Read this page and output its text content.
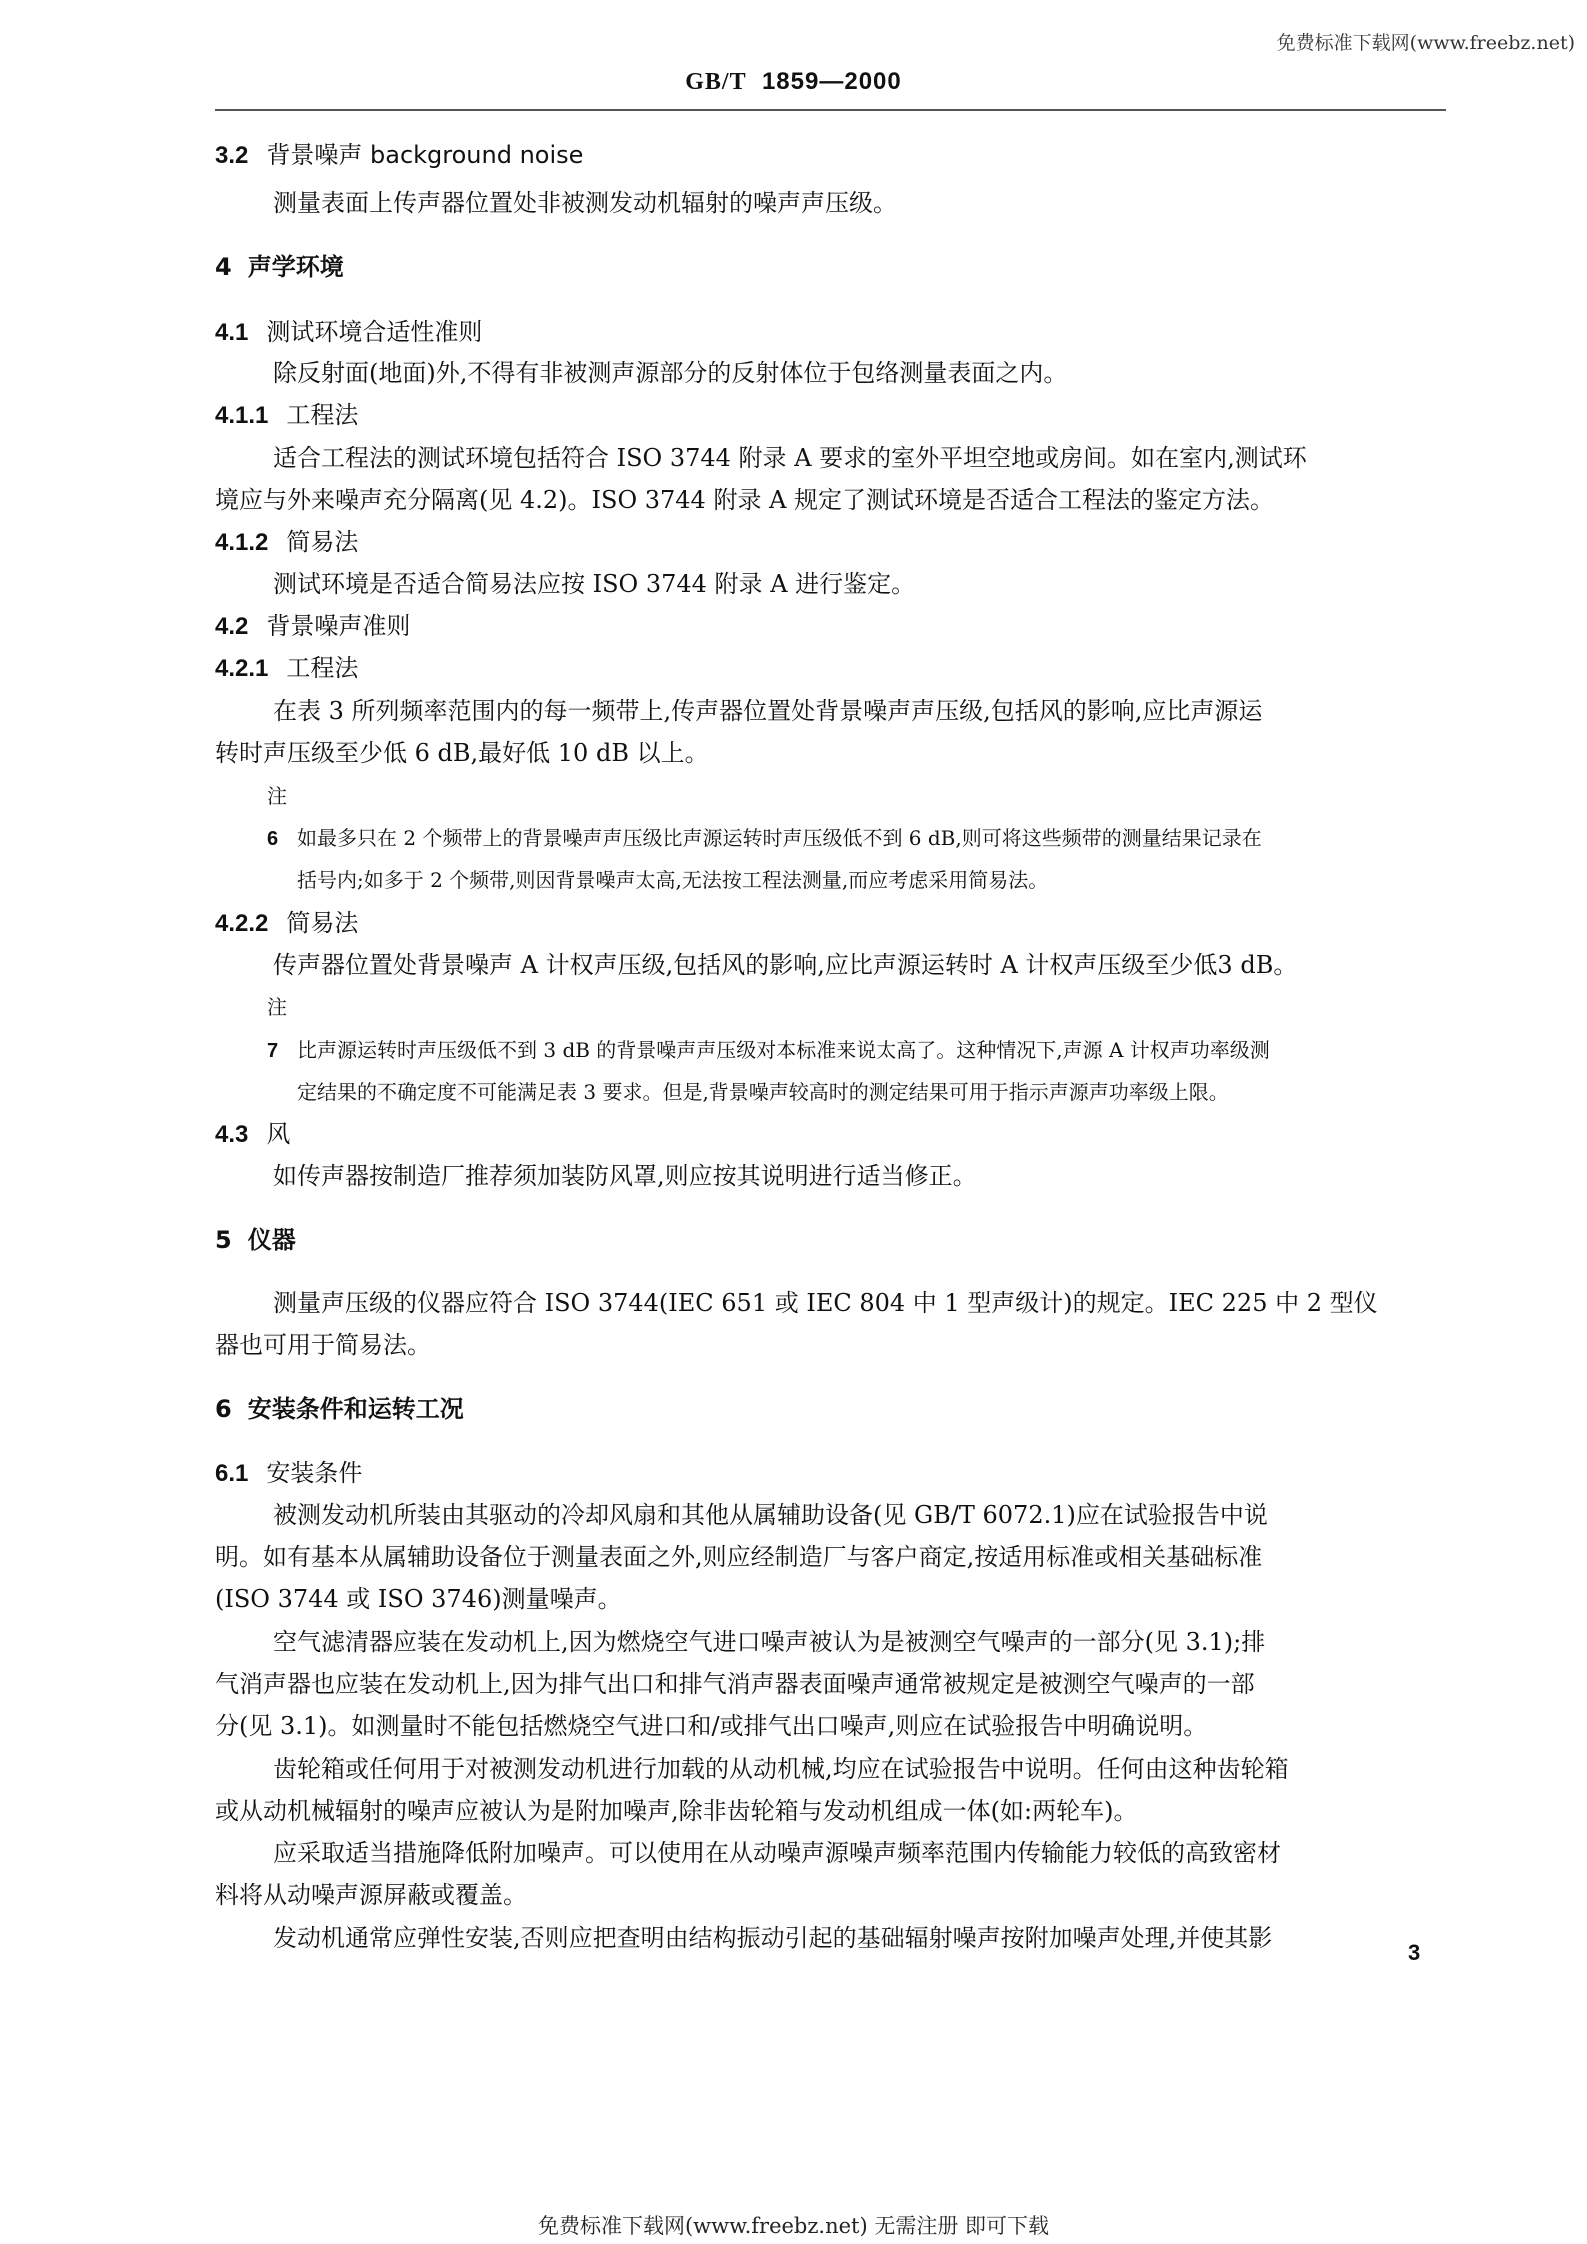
免费标准下载网(www.freebz.net)
GB/T 1859—2000
3.2 背景噪声 background noise
测量表面上传声器位置处非被测发动机辐射的噪声声压级。
4 声学环境
4.1 测试环境合适性准则
除反射面(地面)外,不得有非被测声源部分的反射体位于包络测量表面之内。
4.1.1 工程法
适合工程法的测试环境包括符合 ISO 3744 附录 A 要求的室外平坦空地或房间。如在室内,测试环
境应与外来噪声充分隔离(见 4.2)。ISO 3744 附录 A 规定了测试环境是否适合工程法的鉴定方法。
4.1.2 简易法
测试环境是否适合简易法应按 ISO 3744 附录 A 进行鉴定。
4.2 背景噪声准则
4.2.1 工程法
在表 3 所列频率范围内的每一频带上,传声器位置处背景噪声声压级,包括风的影响,应比声源运
转时声压级至少低 6 dB,最好低 10 dB 以上。
注
6 如最多只在 2 个频带上的背景噪声声压级比声源运转时声压级低不到 6 dB,则可将这些频带的测量结果记录在
括号内;如多于 2 个频带,则因背景噪声太高,无法按工程法测量,而应考虑采用简易法。
4.2.2 简易法
传声器位置处背景噪声 A 计权声压级,包括风的影响,应比声源运转时 A 计权声压级至少低3 dB。
注
7 比声源运转时声压级低不到 3 dB 的背景噪声声压级对本标准来说太高了。这种情况下,声源 A 计权声功率级测
定结果的不确定度不可能满足表 3 要求。但是,背景噪声较高时的测定结果可用于指示声源声功率级上限。
4.3 风
如传声器按制造厂推荐须加装防风罩,则应按其说明进行适当修正。
5 仪器
测量声压级的仪器应符合 ISO 3744(IEC 651 或 IEC 804 中 1 型声级计)的规定。IEC 225 中 2 型仪
器也可用于简易法。
6 安装条件和运转工况
6.1 安装条件
被测发动机所装由其驱动的冷却风扇和其他从属辅助设备(见 GB/T 6072.1)应在试验报告中说
明。如有基本从属辅助设备位于测量表面之外,则应经制造厂与客户商定,按适用标准或相关基础标准
(ISO 3744 或 ISO 3746)测量噪声。
空气滤清器应装在发动机上,因为燃烧空气进口噪声被认为是被测空气噪声的一部分(见 3.1);排
气消声器也应装在发动机上,因为排气出口和排气消声器表面噪声通常被规定是被测空气噪声的一部
分(见 3.1)。如测量时不能包括燃烧空气进口和/或排气出口噪声,则应在试验报告中明确说明。
齿轮箱或任何用于对被测发动机进行加载的从动机械,均应在试验报告中说明。任何由这种齿轮箱
或从动机械辐射的噪声应被认为是附加噪声,除非齿轮箱与发动机组成一体(如:两轮车)。
应采取适当措施降低附加噪声。可以使用在从动噪声源噪声频率范围内传输能力较低的高致密材
料将从动噪声源屏蔽或覆盖。
发动机通常应弹性安装,否则应把查明由结构振动引起的基础辐射噪声按附加噪声处理,并使其影
3
免费标准下载网(www.freebz.net) 无需注册 即可下载
